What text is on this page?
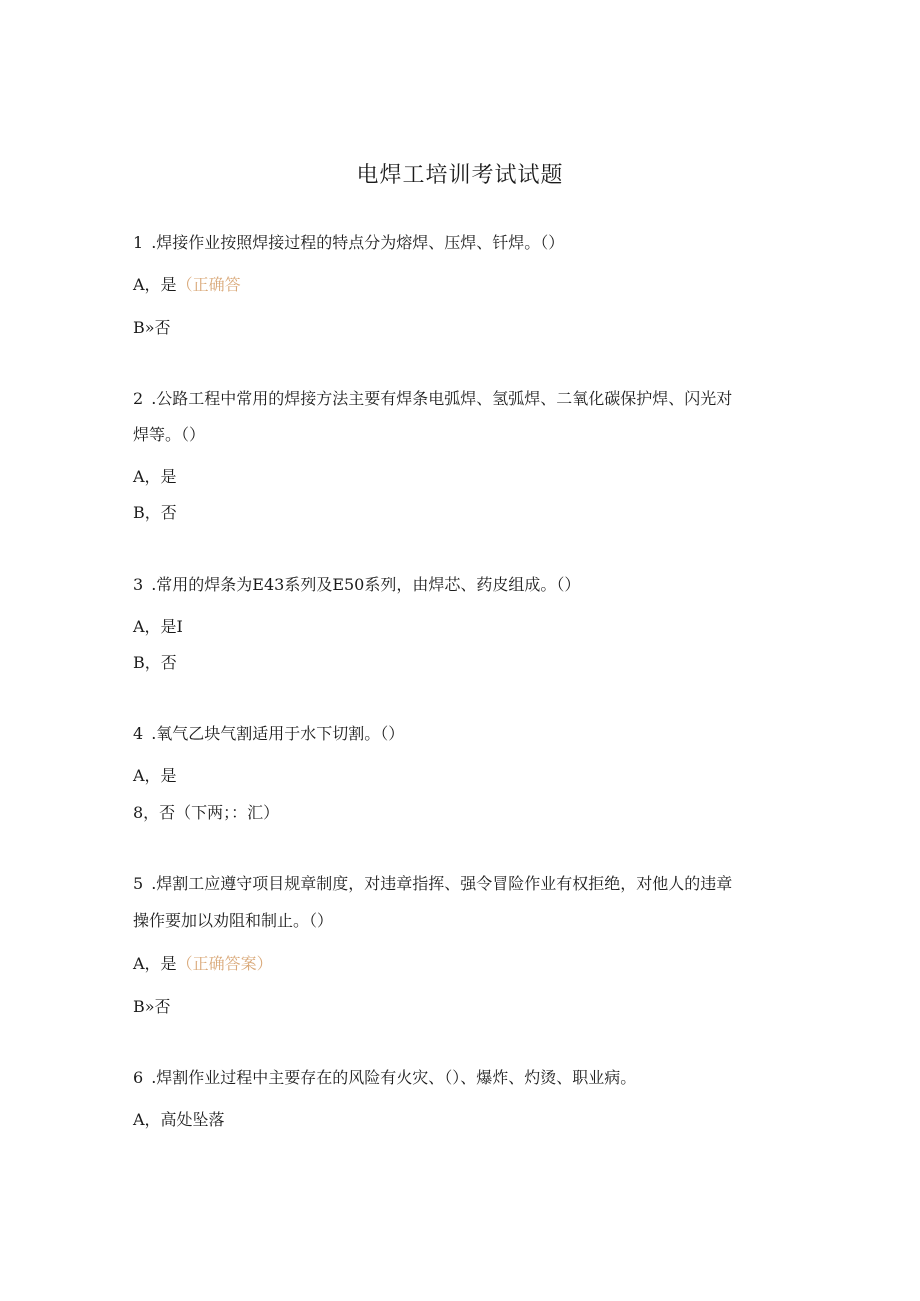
电焊工培训考试试题
1 .焊接作业按照焊接过程的特点分为熔焊、压焊、钎焊。（）
A，是（正确答
B»否
2 .公路工程中常用的焊接方法主要有焊条电弧焊、氢弧焊、二氧化碳保护焊、闪光对
焊等。（）
A，是
B，否
3 .常用的焊条为E43系列及E50系列，由焊芯、药皮组成。（）
A，是I
B，否
4 .氧气乙块气割适用于水下切割。（）
A，是
8，否（下两；：汇）
5 .焊割工应遵守项目规章制度，对违章指挥、强令冒险作业有权拒绝，对他人的违章
操作要加以劝阻和制止。（）
A，是（正确答案）
B»否
6 .焊割作业过程中主要存在的风险有火灾、（）、爆炸、灼烫、职业病。
A，高处坠落
